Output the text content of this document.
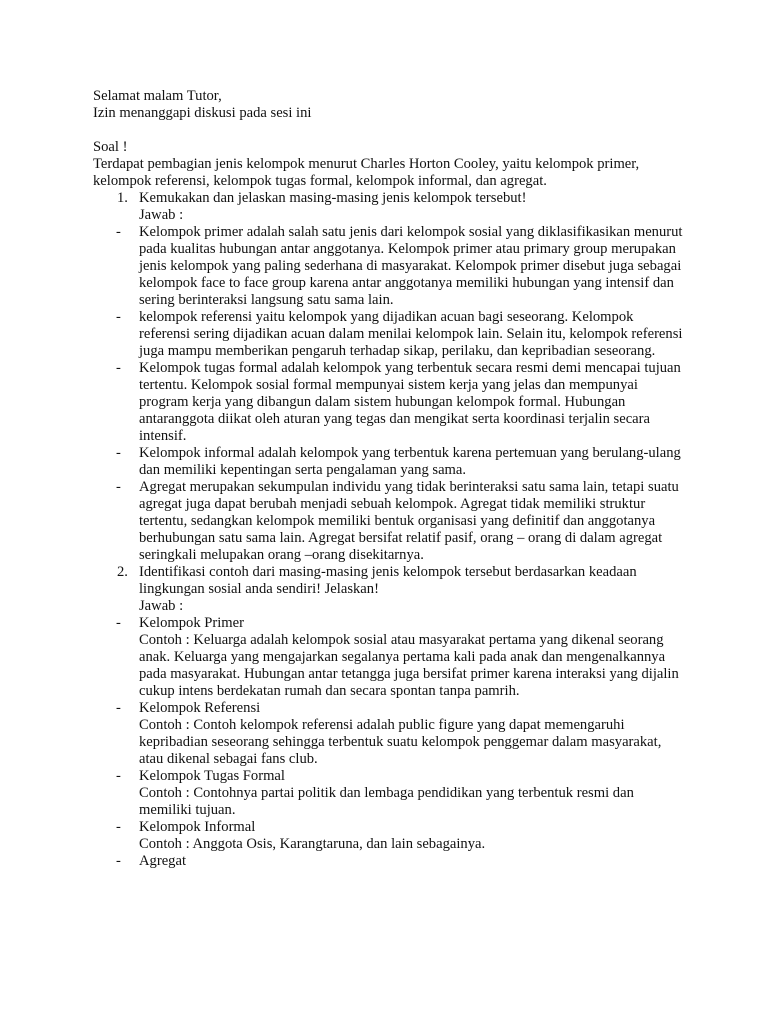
Selamat malam Tutor,

Izin menanggapi diskusi pada sesi ini

Soal !

Terdapat pembagian jenis kelompok menurut Charles Horton Cooley, yaitu kelompok primer, kelompok referensi, kelompok tugas formal, kelompok informal, dan agregat.

1. Kemukakan dan jelaskan masing-masing jenis kelompok tersebut!

Jawab :

- Kelompok primer adalah salah satu jenis dari kelompok sosial yang diklasifikasikan menurut pada kualitas hubungan antar anggotanya. Kelompok primer atau primary group merupakan jenis kelompok yang paling sederhana di masyarakat. Kelompok primer disebut juga sebagai kelompok face to face group karena antar anggotanya memiliki hubungan yang intensif dan sering berinteraksi langsung satu sama lain.

- kelompok referensi yaitu kelompok yang dijadikan acuan bagi seseorang. Kelompok referensi sering dijadikan acuan dalam menilai kelompok lain. Selain itu, kelompok referensi juga mampu memberikan pengaruh terhadap sikap, perilaku, dan kepribadian seseorang.

- Kelompok tugas formal adalah kelompok yang terbentuk secara resmi demi mencapai tujuan tertentu. Kelompok sosial formal mempunyai sistem kerja yang jelas dan mempunyai program kerja yang dibangun dalam sistem hubungan kelompok formal. Hubungan antaranggota diikat oleh aturan yang tegas dan mengikat serta koordinasi terjalin secara intensif.

- Kelompok informal adalah kelompok yang terbentuk karena pertemuan yang berulang-ulang dan memiliki kepentingan serta pengalaman yang sama.

- Agregat merupakan sekumpulan individu yang tidak berinteraksi satu sama lain, tetapi suatu agregat juga dapat berubah menjadi sebuah kelompok. Agregat tidak memiliki struktur tertentu, sedangkan kelompok memiliki bentuk organisasi yang definitif dan anggotanya berhubungan satu sama lain. Agregat bersifat relatif pasif, orang – orang di dalam agregat seringkali melupakan orang –orang disekitarnya.

2. Identifikasi contoh dari masing-masing jenis kelompok tersebut berdasarkan keadaan lingkungan sosial anda sendiri! Jelaskan!

Jawab :

- Kelompok Primer

Contoh : Keluarga adalah kelompok sosial atau masyarakat pertama yang dikenal seorang anak. Keluarga yang mengajarkan segalanya pertama kali pada anak dan mengenalkannya pada masyarakat. Hubungan antar tetangga juga bersifat primer karena interaksi yang dijalin cukup intens berdekatan rumah dan secara spontan tanpa pamrih.

- Kelompok Referensi

Contoh : Contoh kelompok referensi adalah public figure yang dapat memengaruhi kepribadian seseorang sehingga terbentuk suatu kelompok penggemar dalam masyarakat, atau dikenal sebagai fans club.

- Kelompok Tugas Formal

Contoh : Contohnya partai politik dan lembaga pendidikan yang terbentuk resmi dan memiliki tujuan.

- Kelompok Informal

Contoh : Anggota Osis, Karangtaruna, dan lain sebagainya.

- Agregat
